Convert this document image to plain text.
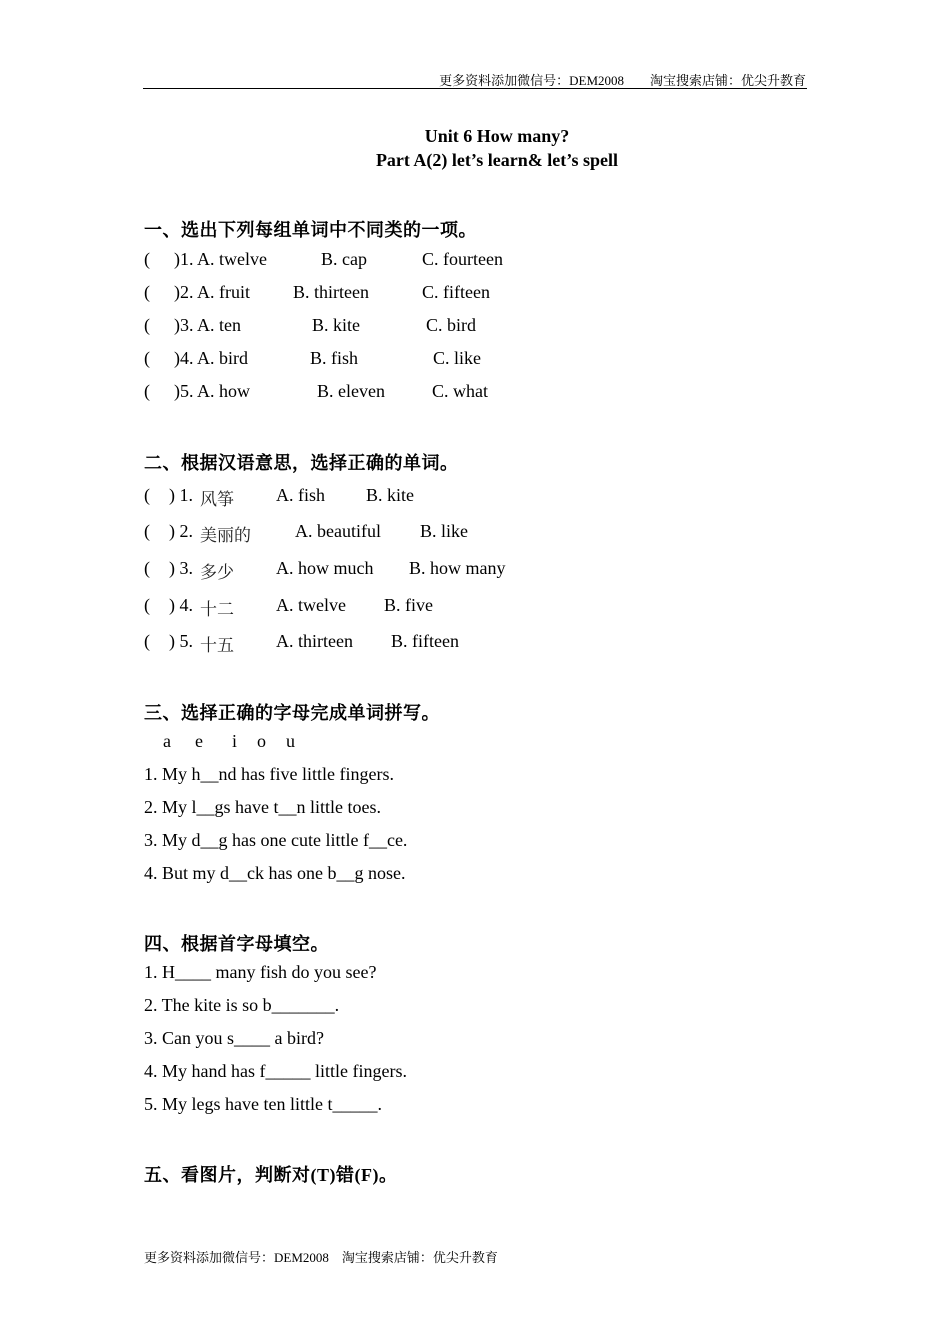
更多资料添加微信号：DEM2008　　淘宝搜索店铺：优尖升教育
Unit 6 How many?
Part A(2) let’s learn& let’s spell
一、选出下列每组单词中不同类的一项。
( )1. A. twelve	B. cap	C. fourteen
( )2. A. fruit B. thirteen	C. fifteen
( )3. A. ten	B. kite	C. bird
( )4. A. bird	B. fish	C. like
( )5. A. how	B. eleven	C. what
二、根据汉语意思，选择正确的单词。
( ) 1. 风筝 A. fish B. kite
( ) 2. 美丽的 A. beautiful B. like
( ) 3. 多少 A. how much B. how many
( ) 4. 十二 A. twelve B. five
( ) 5. 十五 A. thirteen B. fifteen
三、选择正确的字母完成单词拼写。
a e i o u
1. My h__nd has five little fingers.
2. My l__gs have t__n little toes.
3. My d__g has one cute little f__ce.
4. But my d__ck has one b__g nose.
四、根据首字母填空。
1. H____ many fish do you see?
2. The kite is so b_______.
3. Can you s____ a bird?
4. My hand has f_____ little fingers.
5. My legs have ten little t_____.
五、看图片，判断对(T)错(F)。
更多资料添加微信号：DEM2008　淘宝搜索店铺：优尖升教育
